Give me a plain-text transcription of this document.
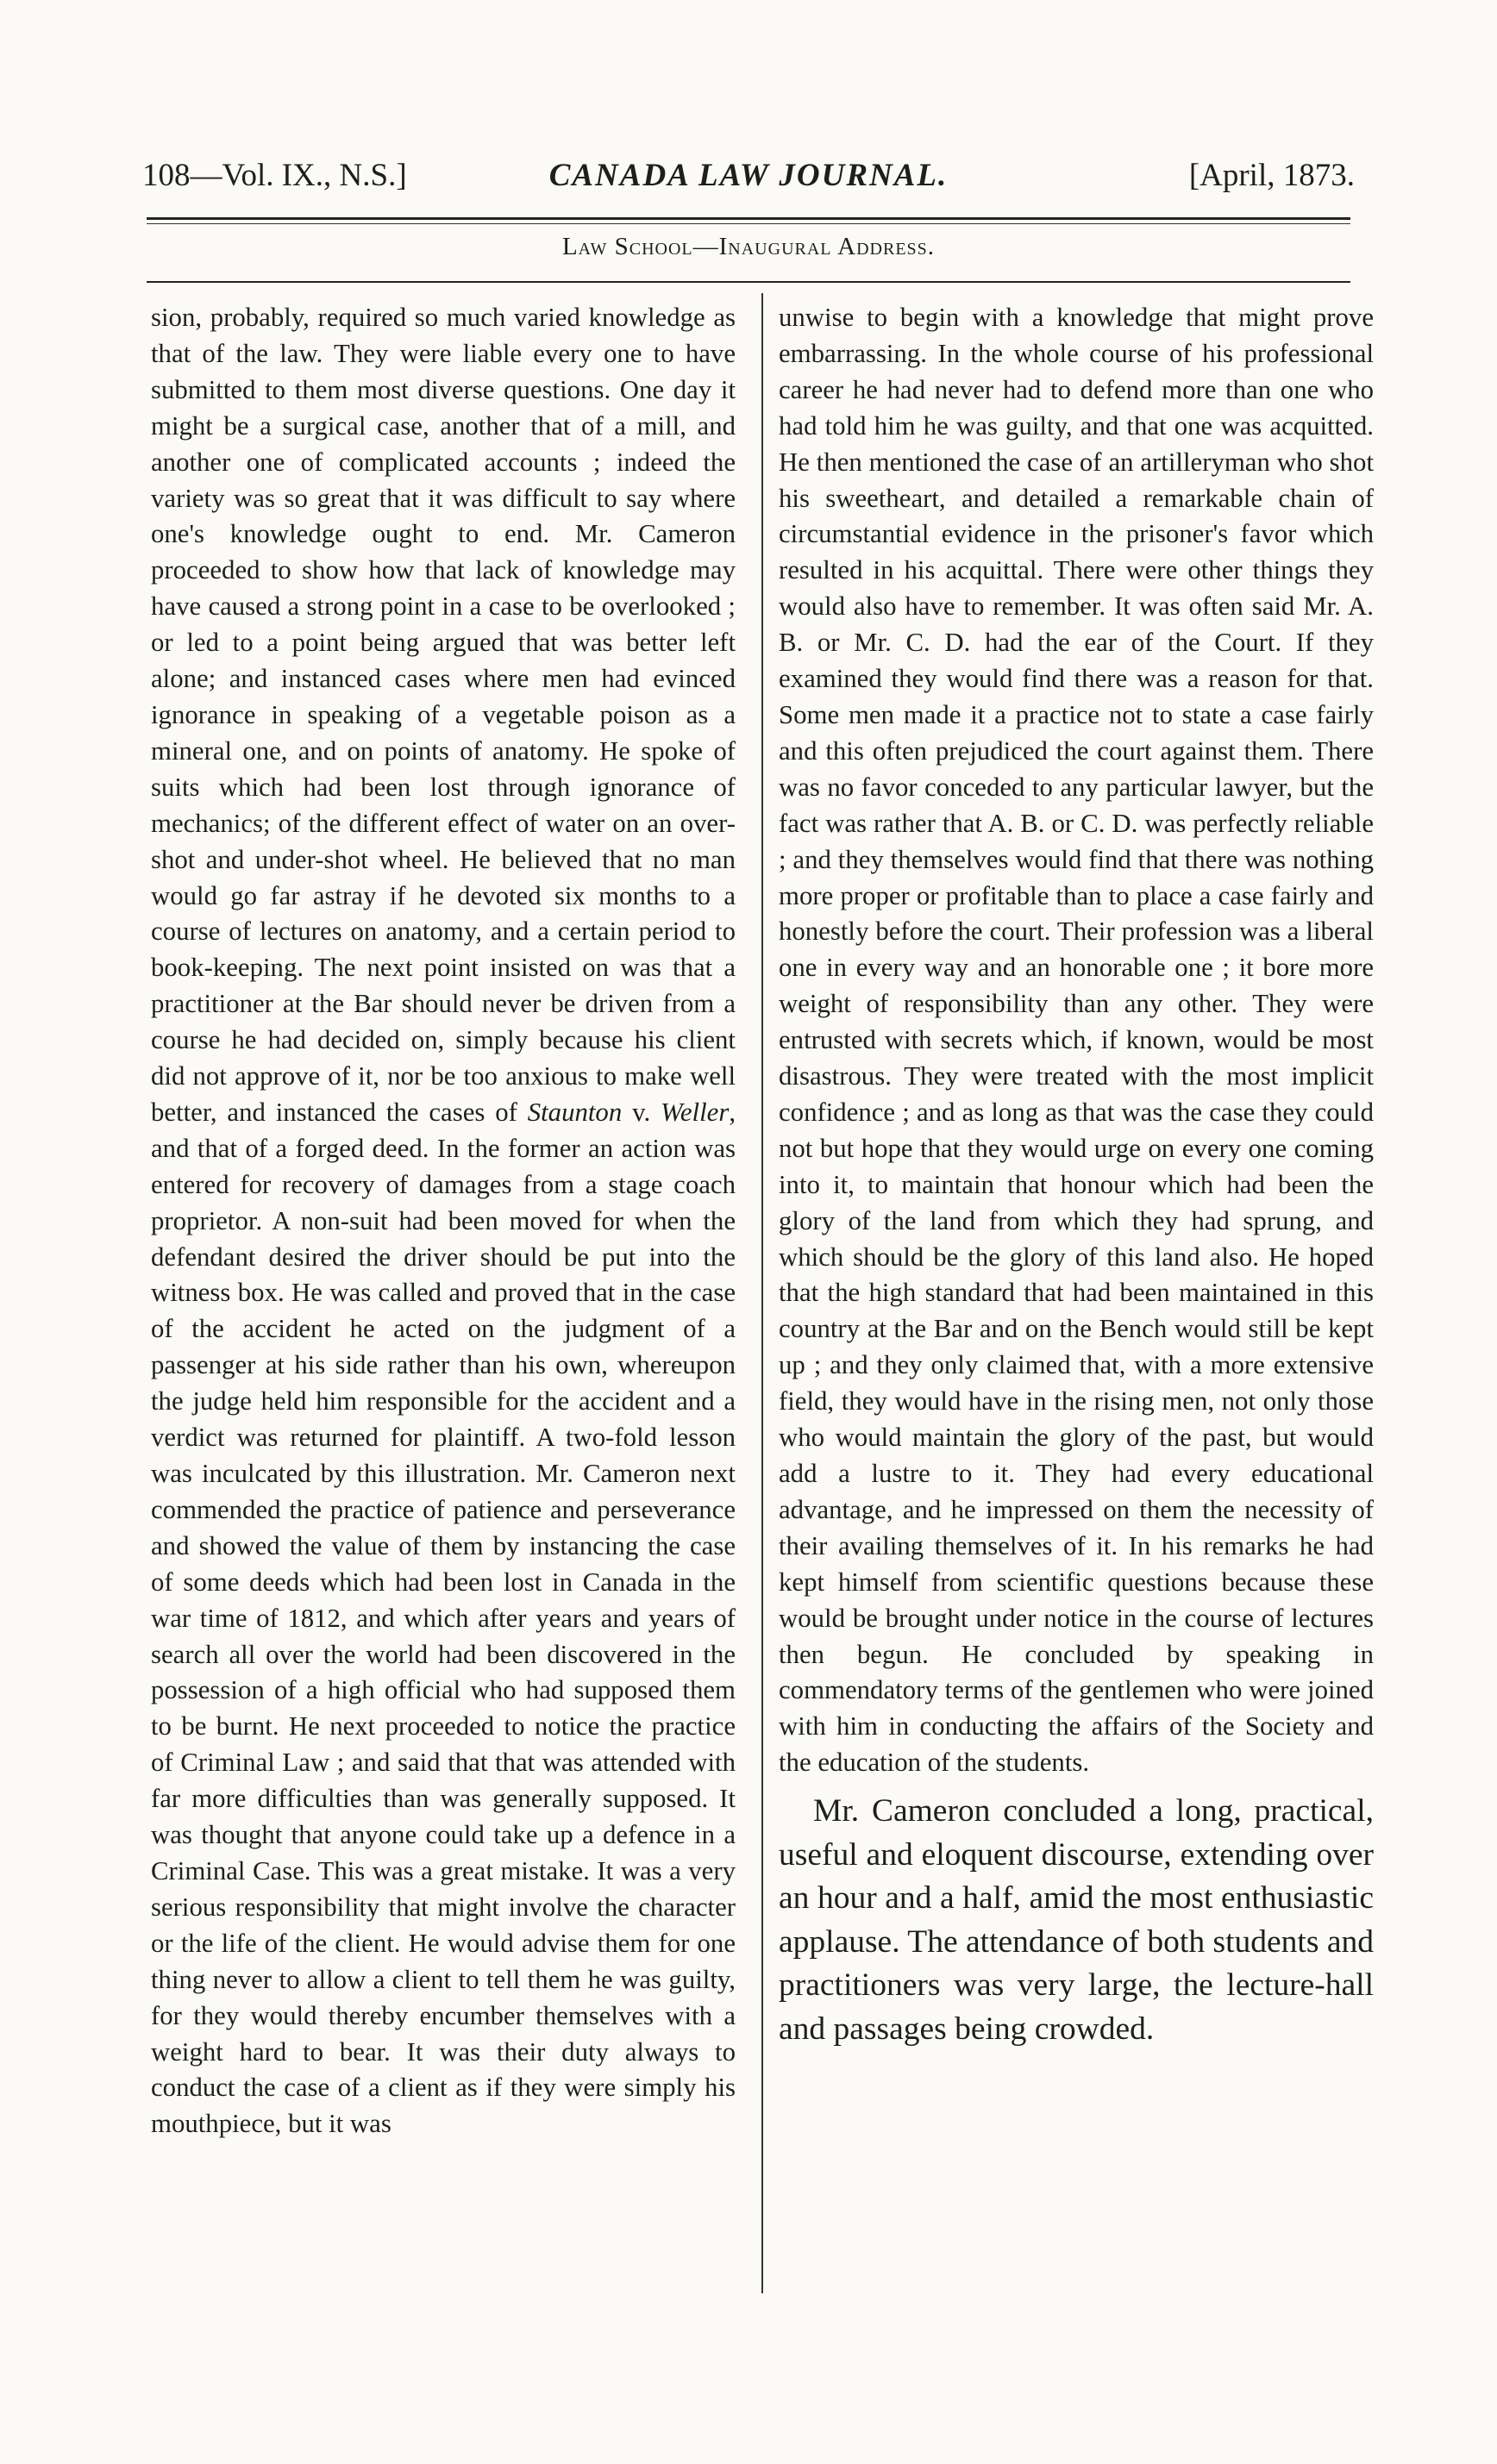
108—Vol. IX., N.S.]	CANADA LAW JOURNAL.	[April, 1873.
Law School—Inaugural Address.

sion, probably, required so much varied knowledge as that of the law. They were liable every one to have submitted to them most diverse questions. One day it might be a surgical case, another that of a mill, and another one of complicated accounts ; indeed the variety was so great that it was difficult to say where one's knowledge ought to end. Mr. Cameron proceeded to show how that lack of knowledge may have caused a strong point in a case to be overlooked ; or led to a point being argued that was better left alone; and instanced cases where men had evinced ignorance in speaking of a vegetable poison as a mineral one, and on points of anatomy. He spoke of suits which had been lost through ignorance of mechanics; of the different effect of water on an over-shot and under-shot wheel. He believed that no man would go far astray if he devoted six months to a course of lectures on anatomy, and a certain period to book-keeping. The next point insisted on was that a practitioner at the Bar should never be driven from a course he had decided on, simply because his client did not approve of it, nor be too anxious to make well better, and instanced the cases of Staunton v. Weller, and that of a forged deed. In the former an action was entered for recovery of damages from a stage coach proprietor. A non-suit had been moved for when the defendant desired the driver should be put into the witness box. He was called and proved that in the case of the accident he acted on the judgment of a passenger at his side rather than his own, whereupon the judge held him responsible for the accident and a verdict was returned for plaintiff. A two-fold lesson was inculcated by this illustration. Mr. Cameron next commended the practice of patience and perseverance and showed the value of them by instancing the case of some deeds which had been lost in Canada in the war time of 1812, and which after years and years of search all over the world had been discovered in the possession of a high official who had supposed them to be burnt. He next proceeded to notice the practice of Criminal Law ; and said that that was attended with far more difficulties than was generally supposed. It was thought that anyone could take up a defence in a Criminal Case. This was a great mistake. It was a very serious responsibility that might involve the character or the life of the client. He would advise them for one thing never to allow a client to tell them he was guilty, for they would thereby encumber themselves with a weight hard to bear. It was their duty always to conduct the case of a client as if they were simply his mouthpiece, but it was

unwise to begin with a knowledge that might prove embarrassing. In the whole course of his professional career he had never had to defend more than one who had told him he was guilty, and that one was acquitted. He then mentioned the case of an artilleryman who shot his sweetheart, and detailed a remarkable chain of circumstantial evidence in the prisoner's favor which resulted in his acquittal. There were other things they would also have to remember. It was often said Mr. A. B. or Mr. C. D. had the ear of the Court. If they examined they would find there was a reason for that. Some men made it a practice not to state a case fairly and this often prejudiced the court against them. There was no favor conceded to any particular lawyer, but the fact was rather that A. B. or C. D. was perfectly reliable ; and they themselves would find that there was nothing more proper or profitable than to place a case fairly and honestly before the court. Their profession was a liberal one in every way and an honorable one ; it bore more weight of responsibility than any other. They were entrusted with secrets which, if known, would be most disastrous. They were treated with the most implicit confidence ; and as long as that was the case they could not but hope that they would urge on every one coming into it, to maintain that honour which had been the glory of the land from which they had sprung, and which should be the glory of this land also. He hoped that the high standard that had been maintained in this country at the Bar and on the Bench would still be kept up ; and they only claimed that, with a more extensive field, they would have in the rising men, not only those who would maintain the glory of the past, but would add a lustre to it. They had every educational advantage, and he impressed on them the necessity of their availing themselves of it. In his remarks he had kept himself from scientific questions because these would be brought under notice in the course of lectures then begun. He concluded by speaking in commendatory terms of the gentlemen who were joined with him in conducting the affairs of the Society and the education of the students.

Mr. Cameron concluded a long, practical, useful and eloquent discourse, extending over an hour and a half, amid the most enthusiastic applause. The attendance of both students and practitioners was very large, the lecture-hall and passages being crowded.
